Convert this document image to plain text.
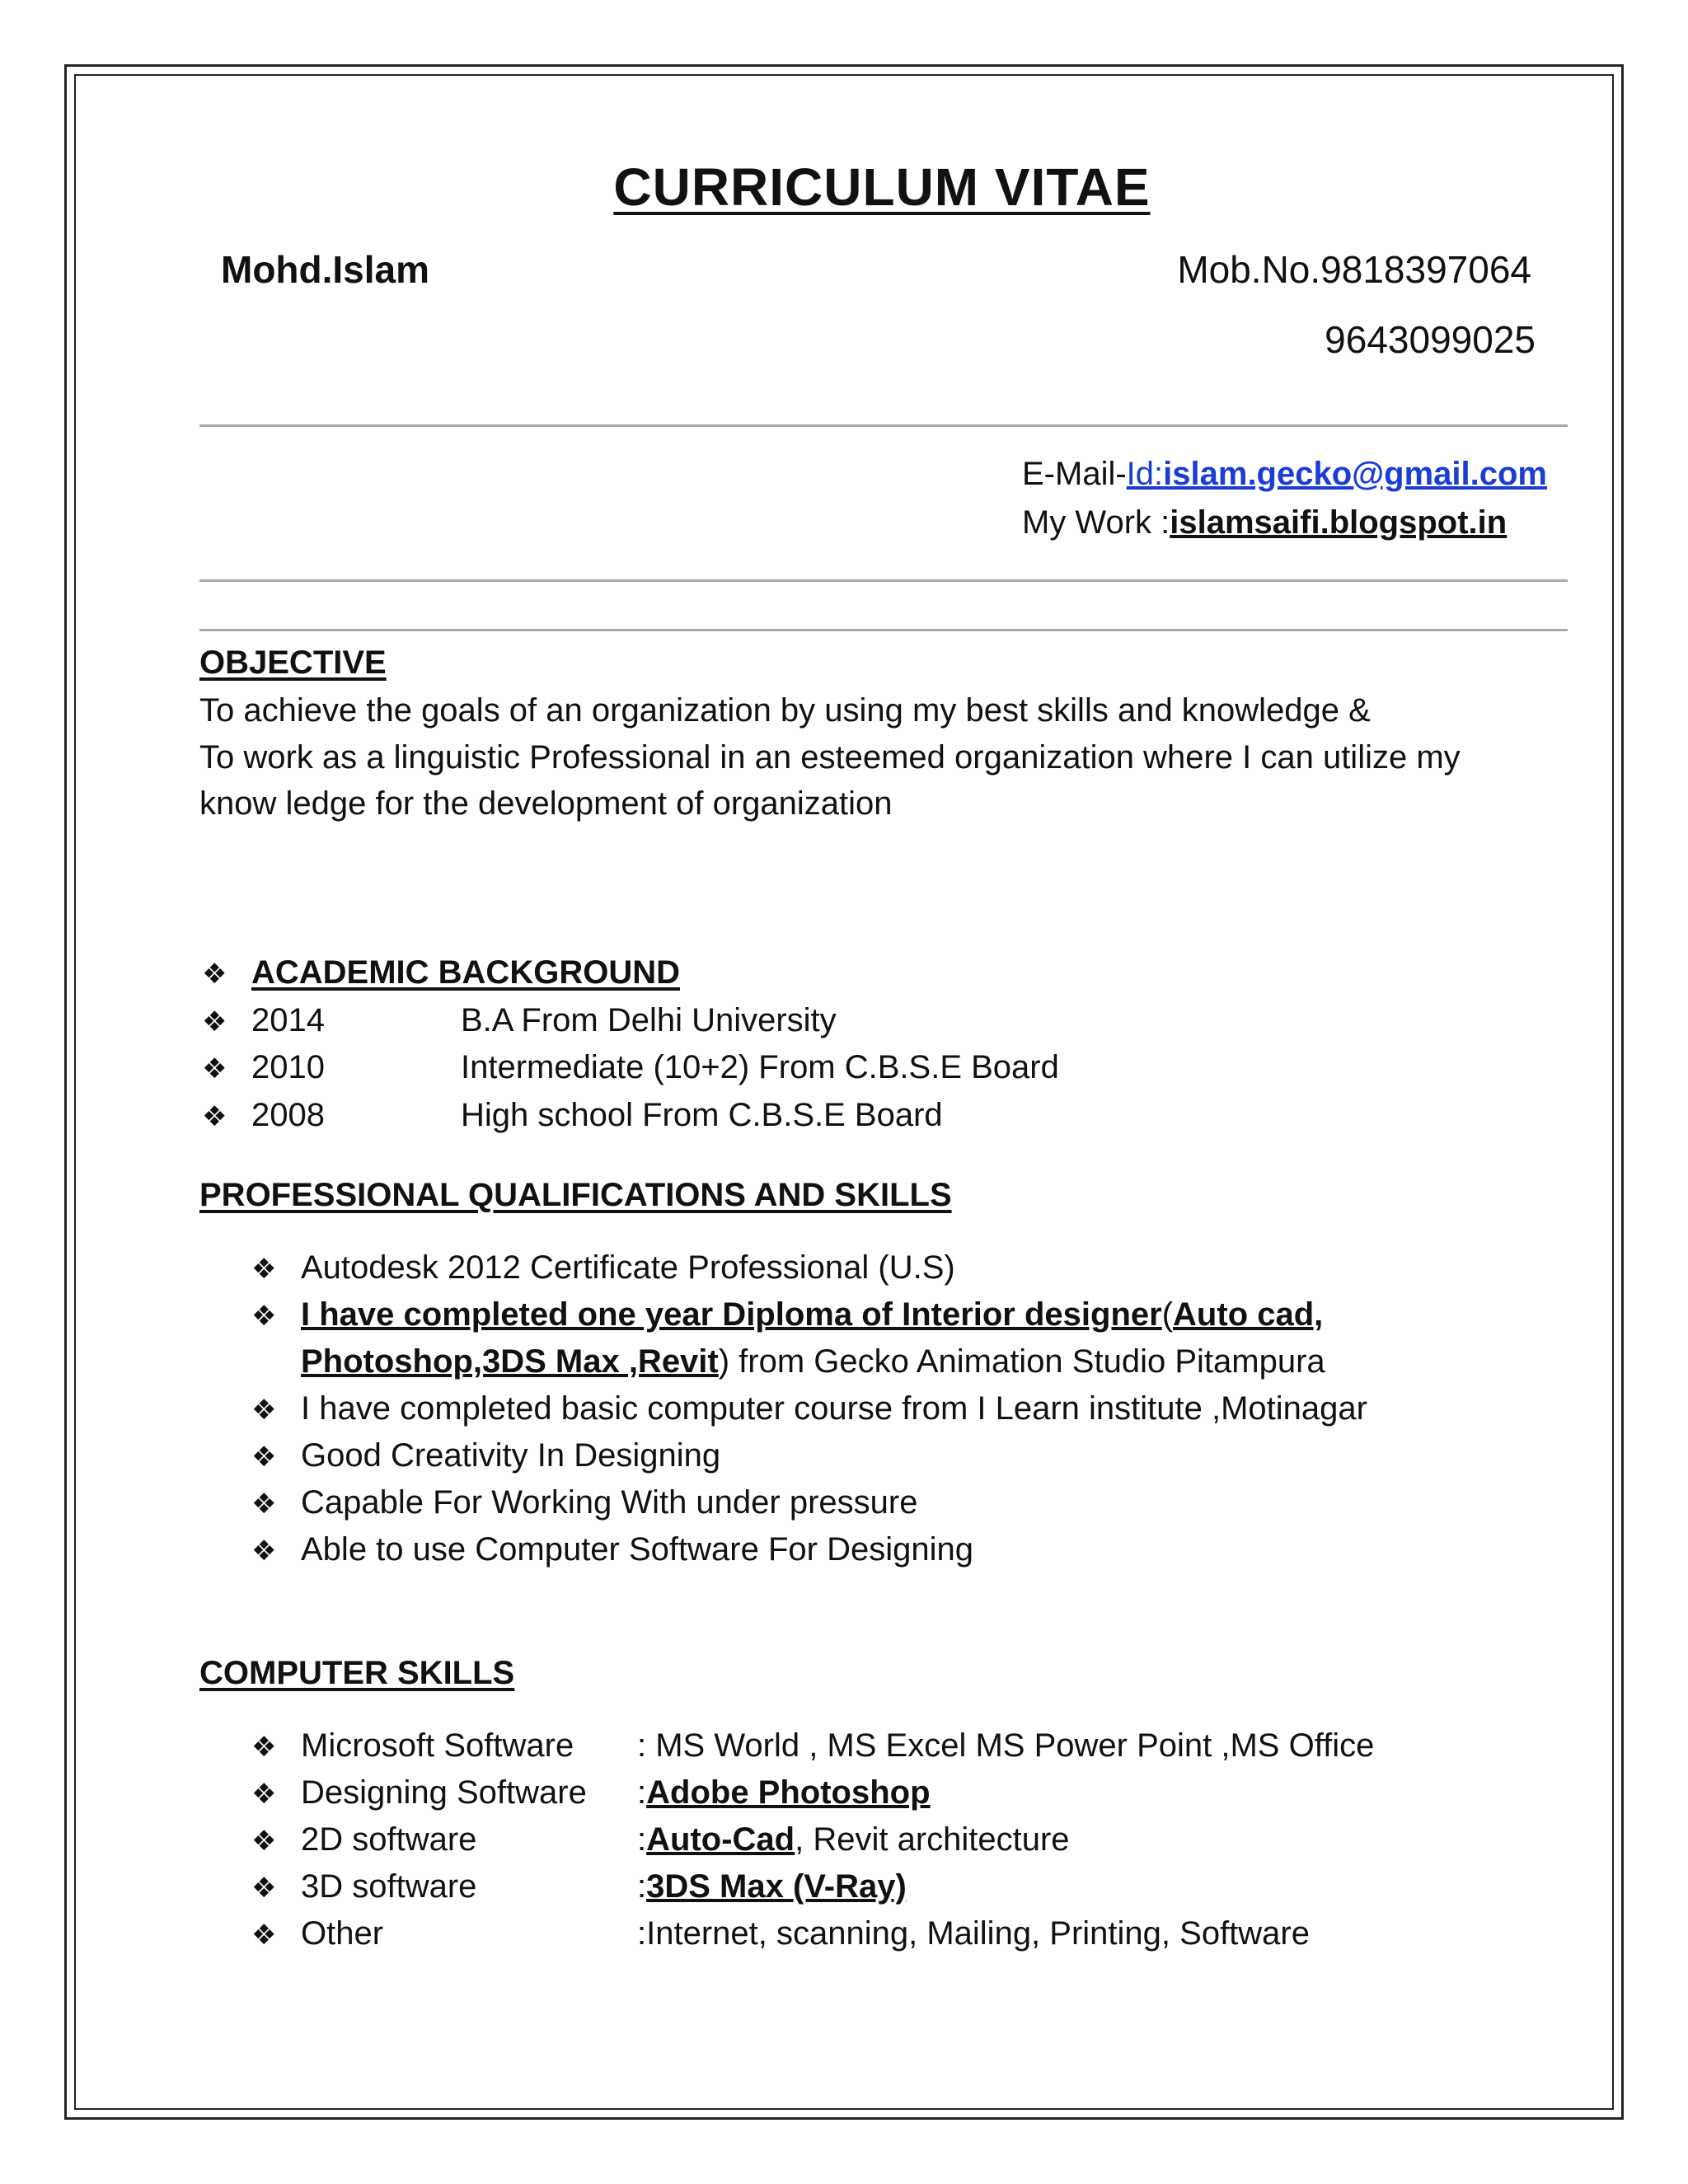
CURRICULUM VITAE
Mohd.Islam	Mob.No.9818397064
9643099025
E-Mail-Id:islam.gecko@gmail.com
My Work :islamsaifi.blogspot.in
OBJECTIVE
To achieve the goals of an organization by using my best skills and knowledge &
To work as a linguistic Professional in an esteemed organization where I can utilize my
know ledge for the development of organization
❖ ACADEMIC BACKGROUND
❖ 2014	B.A From Delhi University
❖ 2010	Intermediate (10+2) From C.B.S.E Board
❖ 2008	High school From C.B.S.E Board
PROFESSIONAL QUALIFICATIONS AND SKILLS
❖ Autodesk 2012 Certificate Professional (U.S)
❖ I have completed one year Diploma of Interior designer(Auto cad,
Photoshop,3DS Max ,Revit) from Gecko Animation Studio Pitampura
❖ I have completed basic computer course from I Learn institute ,Motinagar
❖ Good Creativity In Designing
❖ Capable For Working With under pressure
❖ Able to use Computer Software For Designing
COMPUTER SKILLS
❖ Microsoft Software : MS World , MS Excel MS Power Point ,MS Office
❖ Designing Software :Adobe Photoshop
❖ 2D software	:Auto-Cad, Revit architecture
❖ 3D software	:3DS Max (V-Ray)
❖ Other	:Internet, scanning, Mailing, Printing, Software
